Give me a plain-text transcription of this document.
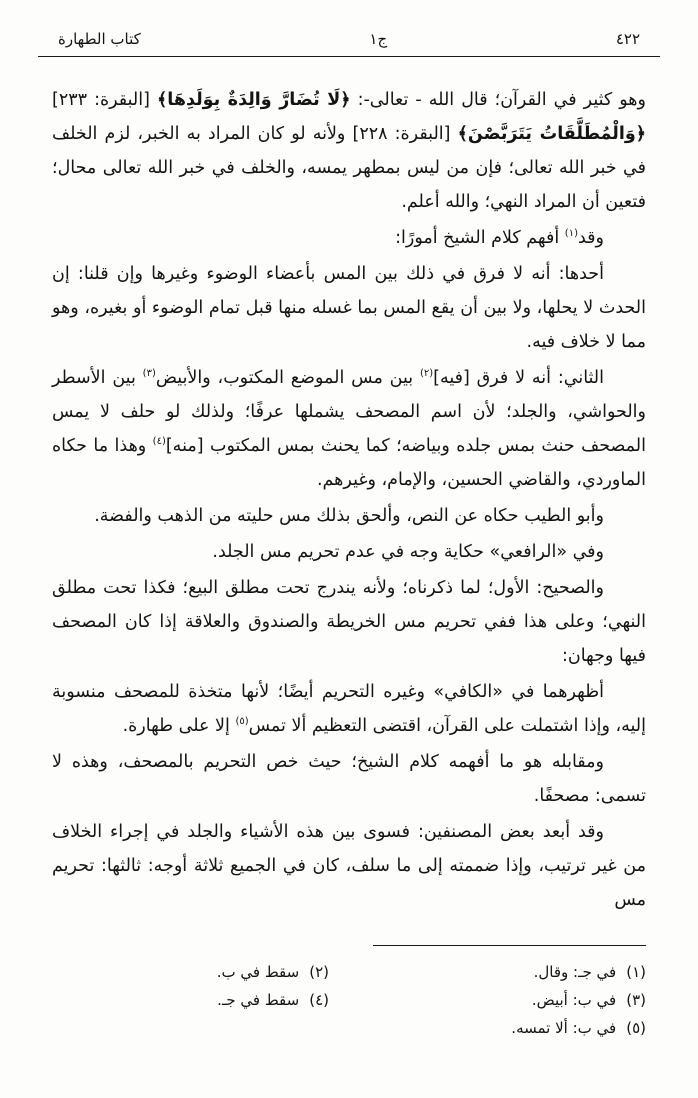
٤٢٢
ج١
كتاب الطهارة

وهو كثير في القرآن؛ قال الله - تعالى-: ﴿لَا تُضَارَّ وَالِدَةٌ بِوَلَدِهَا﴾ [البقرة: ٢٣٣] ﴿وَالْمُطَلَّقَاتُ يَتَرَبَّصْنَ﴾ [البقرة: ٢٢٨] ولأنه لو كان المراد به الخبر، لزم الخلف في خبر الله تعالى؛ فإن من ليس بمطهر يمسه، والخلف في خبر الله تعالى محال؛ فتعين أن المراد النهي؛ والله أعلم.

وقد$^{(١)}$ أفهم كلام الشيخ أمورًا:

أحدها: أنه لا فرق في ذلك بين المس بأعضاء الوضوء وغيرها وإن قلنا: إن الحدث لا يحلها، ولا بين أن يقع المس بما غسله منها قبل تمام الوضوء أو بغيره، وهو مما لا خلاف فيه.

الثاني: أنه لا فرق [فيه]$^{(٢)}$ بين مس الموضع المكتوب، والأبيض$^{(٣)}$ بين الأسطر والحواشي، والجلد؛ لأن اسم المصحف يشملها عرفًا؛ ولذلك لو حلف لا يمس المصحف حنث بمس جلده وبياضه؛ كما يحنث بمس المكتوب [منه]$^{(٤)}$ وهذا ما حكاه الماوردي، والقاضي الحسين، والإمام، وغيرهم.

وأبو الطيب حكاه عن النص، وألحق بذلك مس حليته من الذهب والفضة.

وفي «الرافعي» حكاية وجه في عدم تحريم مس الجلد.

والصحيح: الأول؛ لما ذكرناه؛ ولأنه يندرج تحت مطلق البيع؛ فكذا تحت مطلق النهي؛ وعلى هذا ففي تحريم مس الخريطة والصندوق والعلاقة إذا كان المصحف فيها وجهان:

أظهرهما في «الكافي» وغيره التحريم أيضًا؛ لأنها متخذة للمصحف منسوبة إليه، وإذا اشتملت على القرآن، اقتضى التعظيم ألا تمس$^{(٥)}$ إلا على طهارة.

ومقابله هو ما أفهمه كلام الشيخ؛ حيث خص التحريم بالمصحف، وهذه لا تسمى: مصحفًا.

وقد أبعد بعض المصنفين: فسوى بين هذه الأشياء والجلد في إجراء الخلاف من غير ترتيب، وإذا ضممته إلى ما سلف، كان في الجميع ثلاثة أوجه: ثالثها: تحريم مس

(١)في جـ: وقال.
(٣)في ب: أبيض.
(٥)في ب: ألا تمسه.
(٢)سقط في ب.
(٤)سقط في جـ.
